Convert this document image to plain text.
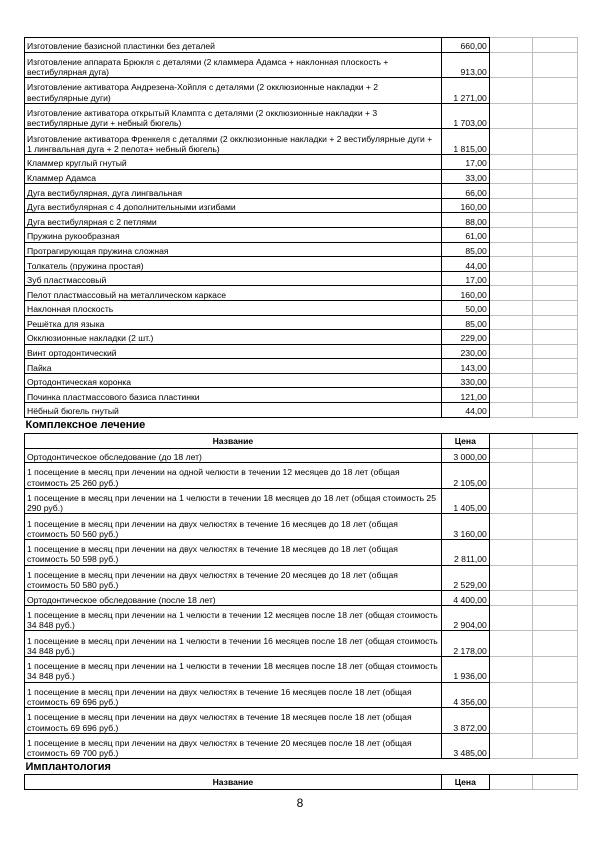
Изготовление базисной пластинки без деталей	660,00		
Изготовление аппарата Брюкля с деталями (2 кламмера Адамса + наклонная плоскость + вестибулярная дуга)	913,00		
Изготовление активатора Андрезена-Хойпля с деталями (2 окклюзионные накладки + 2 вестибулярные дуги)	1 271,00		
Изготовление активатора открытый Клампта с деталями (2 окклюзионные накладки + 3 вестибулярные дуги + небный бюгель)	1 703,00		
Изготовление активатора Френкеля с деталями (2 окклюзионные накладки + 2 вестибулярные дуги + 1 лингвальная дуга + 2 пелота+ небный бюгель)	1 815,00		
Кламмер круглый гнутый	17,00		
Кламмер Адамса	33,00		
Дуга вестибулярная, дуга лингвальная	66,00		
Дуга вестибулярная с 4 дополнительными изгибами	160,00		
Дуга вестибулярная с 2 петлями	88,00		
Пружина рукообразная	61,00		
Протрагирующая пружина сложная	85,00		
Толкатель (пружина простая)	44,00		
Зуб пластмассовый	17,00		
Пелот пластмассовый на металлическом каркасе	160,00		
Наклонная плоскость	50,00		
Решётка для языка	85,00		
Окклюзионные накладки (2 шт.)	229,00		
Винт ортодонтический	230,00		
Пайка	143,00		
Ортодонтическая коронка	330,00		
Починка пластмассового базиса пластинки	121,00		
Нёбный бюгель гнутый	44,00		
Комплексное лечение			
Название	Цена		
Ортодонтическое обследование (до 18 лет)	3 000,00		
1 посещение в месяц при лечении на одной челюсти в течении 12 месяцев до 18 лет (общая стоимость 25 260 руб.)	2 105,00		
1 посещение в месяц при лечении на 1 челюсти в течении 18 месяцев до 18 лет (общая стоимость 25 290 руб.)	1 405,00		
1 посещение в месяц при лечении на двух челюстях в течение 16 месяцев до 18 лет (общая стоимость 50 560 руб.)	3 160,00		
1 посещение в месяц при лечении на двух челюстях в течение 18 месяцев до 18 лет (общая стоимость 50 598 руб.)	2 811,00		
1 посещение в месяц при лечении на двух челюстях в течение 20 месяцев до 18 лет (общая стоимость 50 580 руб.)	2 529,00		
Ортодонтическое обследование (после 18 лет)	4 400,00		
1 посещение в месяц при лечении на 1 челюсти в течении 12 месяцев после 18 лет (общая стоимость 34 848 руб.)	2 904,00		
1 посещение в месяц при лечении на 1 челюсти в течении 16 месяцев после 18 лет (общая стоимость 34 848 руб.)	2 178,00		
1 посещение в месяц при лечении на 1 челюсти в течении 18 месяцев после 18 лет (общая стоимость 34 848 руб.)	1 936,00		
1 посещение в месяц при лечении на двух челюстях в течение 16 месяцев после 18 лет (общая стоимость 69 696 руб.)	4 356,00		
1 посещение в месяц при лечении на двух челюстях в течение 18 месяцев после 18 лет (общая стоимость 69 696 руб.)	3 872,00		
1 посещение в месяц при лечении на двух челюстях в течение 20 месяцев после 18 лет (общая стоимость 69 700 руб.)	3 485,00		
Имплантология			
Название	Цена		
8
